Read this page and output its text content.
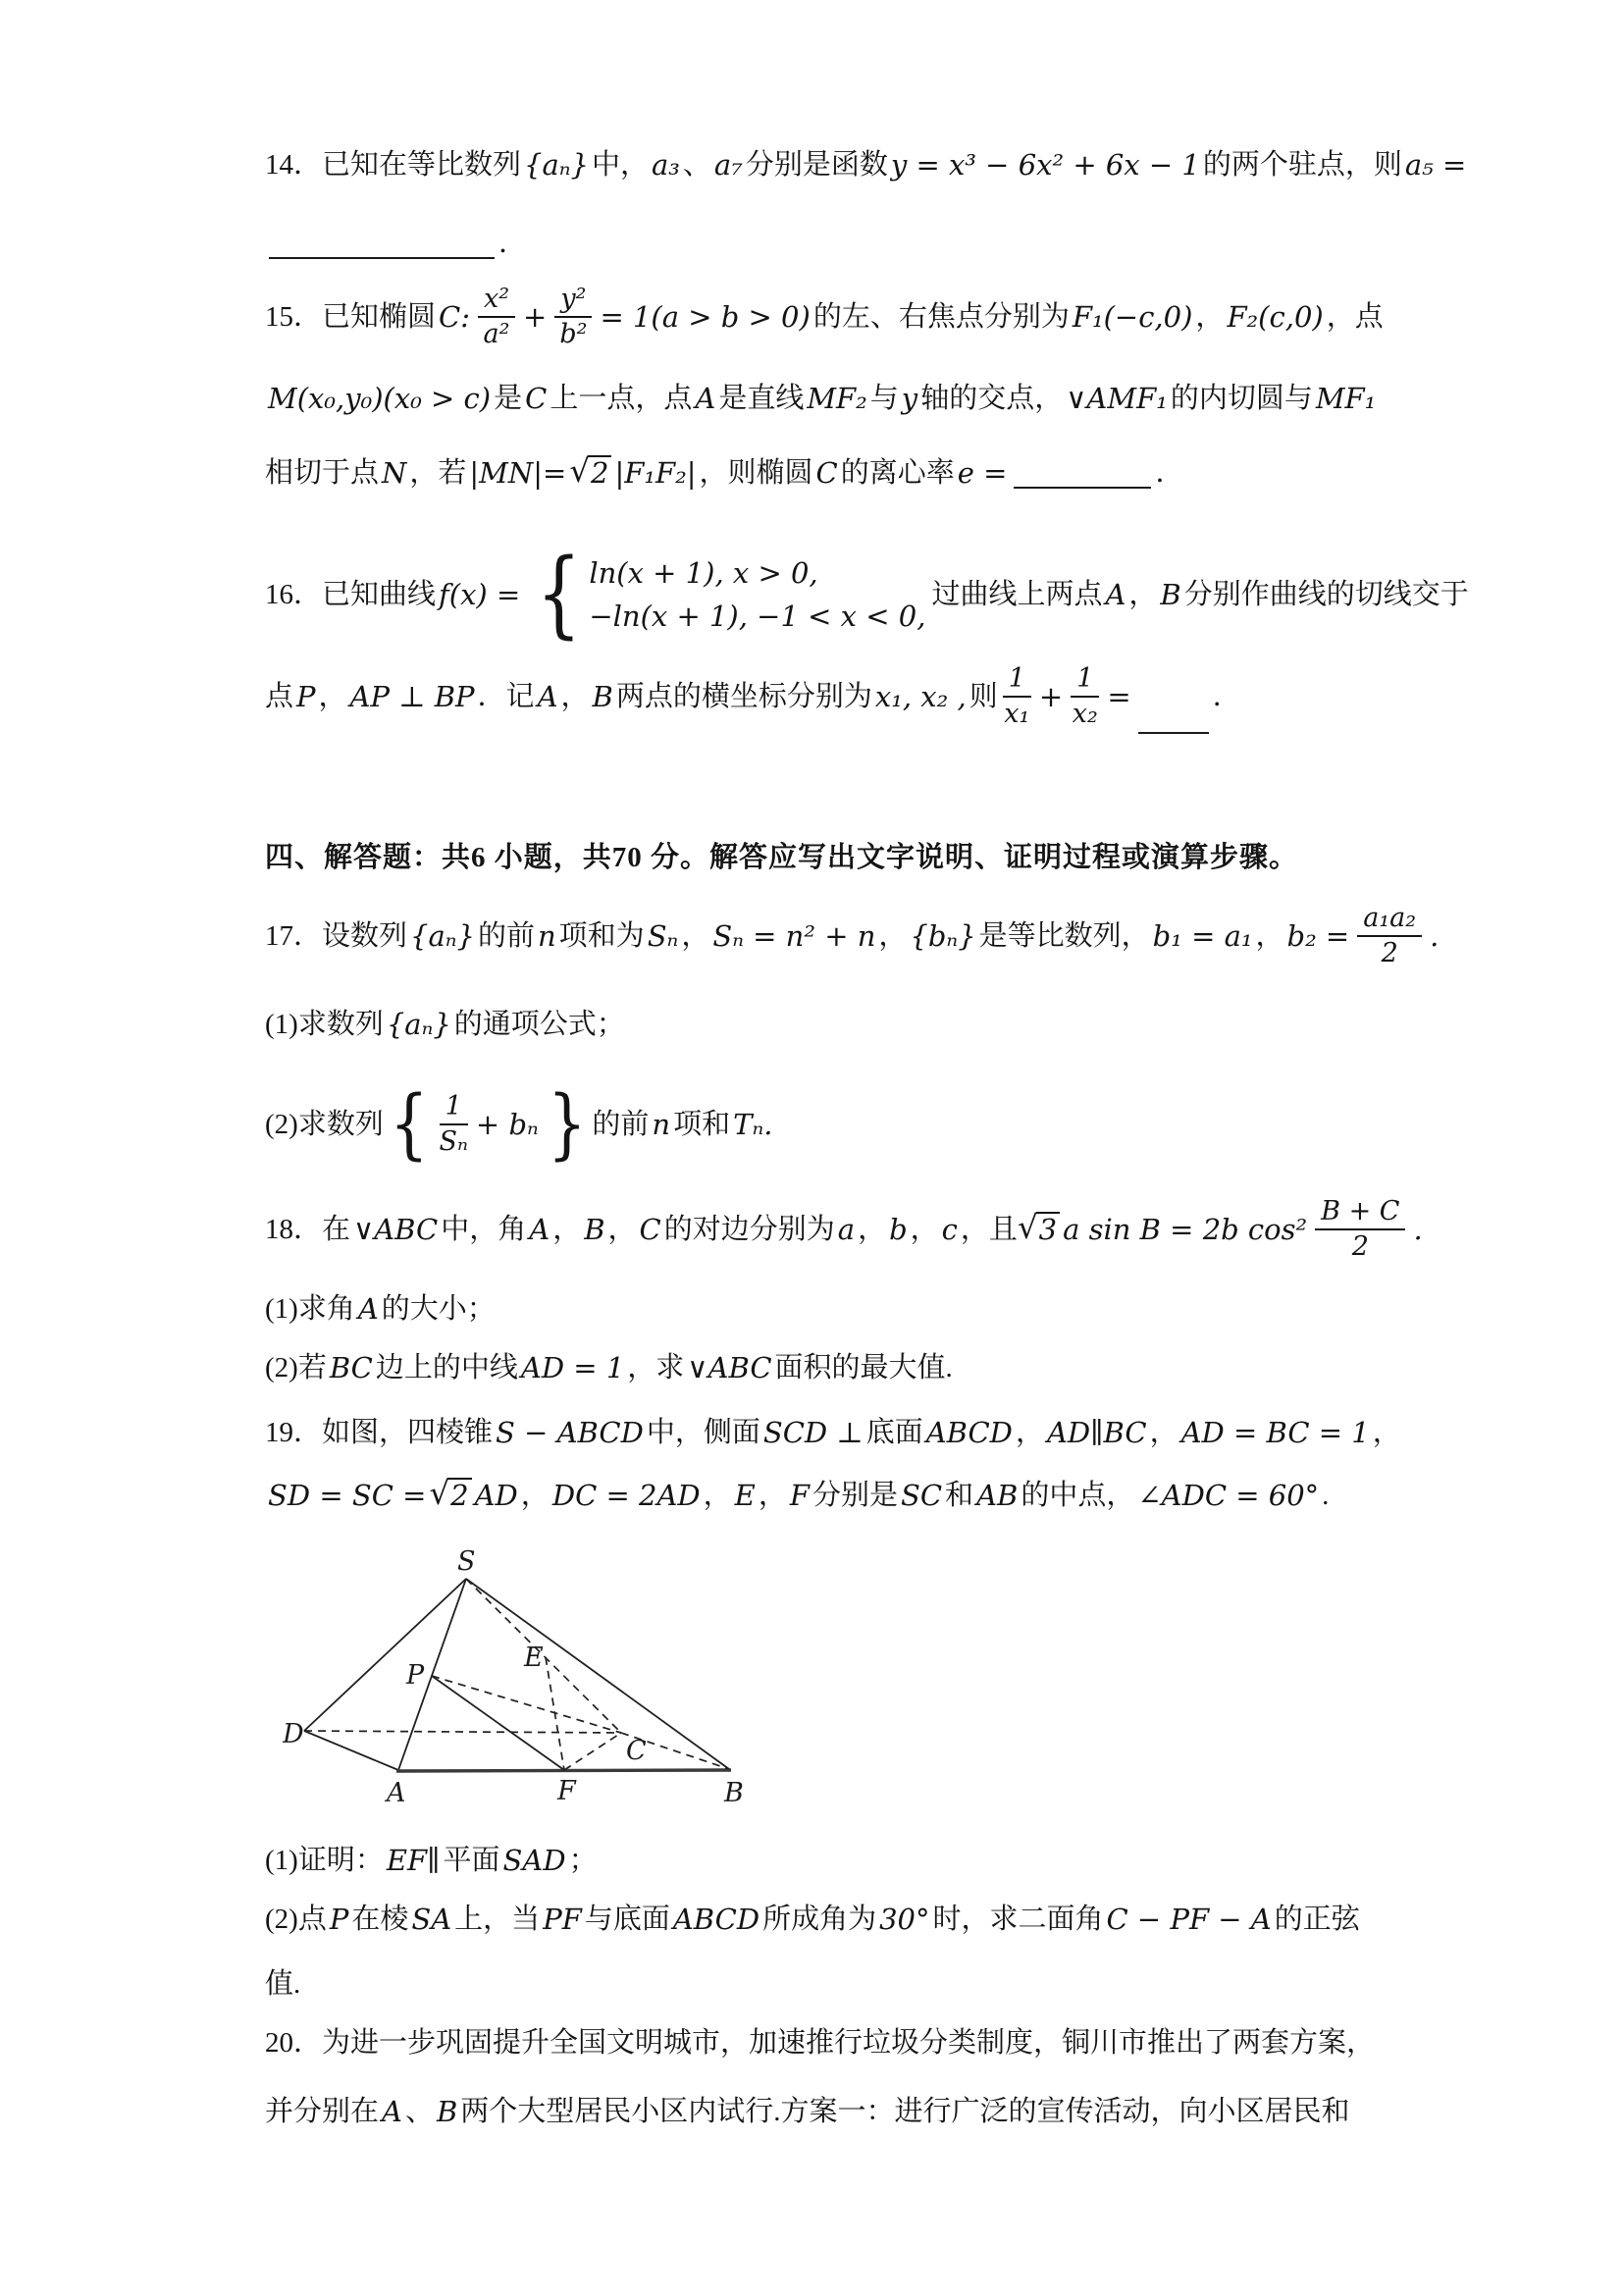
14．已知在等比数列 {aₙ} 中， a₃ 、 a₇ 分别是函数 y = x³ − 6x² + 6x − 1 的两个驻点，则 a₅ =
．
15．已知椭圆 C: $\frac{\text{x²}}{\text{a²}} + \frac{\text{y²}}{\text{b²}} = 1(a > b > 0)$ 的左、右焦点分别为 F₁(−c,0) ， F₂(c,0) ，点
M(x₀,y₀)(x₀ > c) 是 C 上一点，点 A 是直线 MF₂ 与 y 轴的交点， ∨AMF₁ 的内切圆与 MF₁
相切于点 N ，若 |MN|= √ 2 |F₁F₂| ，则椭圆 C 的离心率 e =	．
16．已知曲线 f(x) = { ln(x + 1), x > 0,
−ln(x + 1), −1 < x < 0,
过曲线上两点 A ， B 分别作曲线的切线交于
点 P ， AP ⊥ BP ．记 A ， B 两点的横坐标分别为 x₁, x₂ , 则 $\frac{1}{\text{x₁}} + \frac{1}{\text{x₂}}$ =	．
四、解答题：共6 小题，共70 分。解答应写出文字说明、证明过程或演算步骤。
17．设数列 {aₙ} 的前 n 项和为 Sₙ ， Sₙ = n² + n ， {bₙ} 是等比数列， b₁ = a₁ ， $b_2 = \frac{\text{a₁a₂}}{2}$ .
(1)求数列 {aₙ} 的通项公式；
(2)求数列 { $\frac{1}{\text{Sₙ}} + b_n$ } 的前 n 项和 Tₙ.
18．在 ∨ABC 中，角 A ， B ， C 的对边分别为 a ， b ， c ，且 √ 3 a sin B = 2b $\cos^2 \frac{B + C}{2}$ .
(1)求角 A 的大小；
(2)若 BC 边上的中线 AD = 1 ，求 ∨ABC 面积的最大值.
19．如图，四棱锥 S − ABCD 中，侧面 SCD ⊥ 底面 ABCD ， AD∥BC ， AD = BC = 1 ，
SD = SC = √ 2 AD ， DC = 2AD ， E ， F 分别是 SC 和 AB 的中点， ∠ADC = 60° .
S
D
A	F	B
C
E
P
(1)证明： EF∥ 平面 SAD ；
(2)点 P 在棱 SA 上，当 PF 与底面 ABCD 所成角为 30° 时，求二面角 C − PF − A 的正弦
值.
20．为进一步巩固提升全国文明城市，加速推行垃圾分类制度，铜川市推出了两套方案，
并分别在 A 、 B 两个大型居民小区内试行.方案一：进行广泛的宣传活动，向小区居民和
